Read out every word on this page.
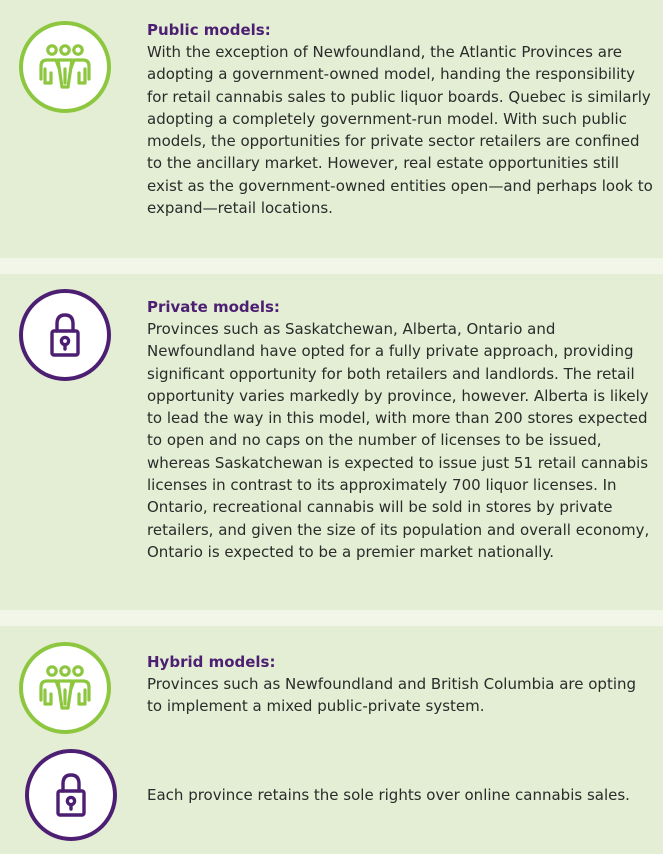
Public models:

With the exception of Newfoundland, the Atlantic Provinces are adopting a government-owned model, handing the responsibility for retail cannabis sales to public liquor boards. Quebec is similarly adopting a completely government-run model. With such public models, the opportunities for private sector retailers are confined to the ancillary market. However, real estate opportunities still exist as the government-owned entities open—and perhaps look to expand—retail locations.

Private models:

Provinces such as Saskatchewan, Alberta, Ontario and Newfoundland have opted for a fully private approach, providing significant opportunity for both retailers and landlords. The retail opportunity varies markedly by province, however. Alberta is likely to lead the way in this model, with more than 200 stores expected to open and no caps on the number of licenses to be issued, whereas Saskatchewan is expected to issue just 51 retail cannabis licenses in contrast to its approximately 700 liquor licenses. In Ontario, recreational cannabis will be sold in stores by private retailers, and given the size of its population and overall economy, Ontario is expected to be a premier market nationally.

Hybrid models:

Provinces such as Newfoundland and British Columbia are opting to implement a mixed public-private system.

Each province retains the sole rights over online cannabis sales.
